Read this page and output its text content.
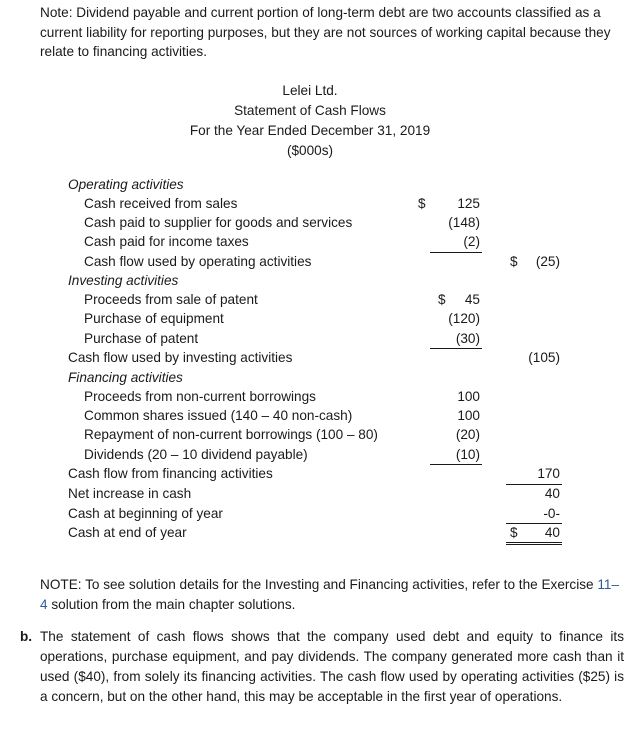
Note: Dividend payable and current portion of long-term debt are two accounts classified as a current liability for reporting purposes, but they are not sources of working capital because they relate to financing activities.
Lelei Ltd.
Statement of Cash Flows
For the Year Ended December 31, 2019
($000s)
Operating activities
Cash received from sales	$ 125
Cash paid to supplier for goods and services	(148)
Cash paid for income taxes	(2)
Cash flow used by operating activities	$ (25)
Investing activities
Proceeds from sale of patent	$ 45
Purchase of equipment	(120)
Purchase of patent	(30)
Cash flow used by investing activities	(105)
Financing activities
Proceeds from non-current borrowings	100
Common shares issued (140 – 40 non-cash)	100
Repayment of non-current borrowings (100 – 80)	(20)
Dividends (20 – 10 dividend payable)	(10)
Cash flow from financing activities	170
Net increase in cash	40
Cash at beginning of year	-0-
Cash at end of year	$ 40
NOTE: To see solution details for the Investing and Financing activities, refer to the Exercise 11–4 solution from the main chapter solutions.
b. The statement of cash flows shows that the company used debt and equity to finance its operations, purchase equipment, and pay dividends. The company generated more cash than it used ($40), from solely its financing activities. The cash flow used by operating activities ($25) is a concern, but on the other hand, this may be acceptable in the first year of operations.
